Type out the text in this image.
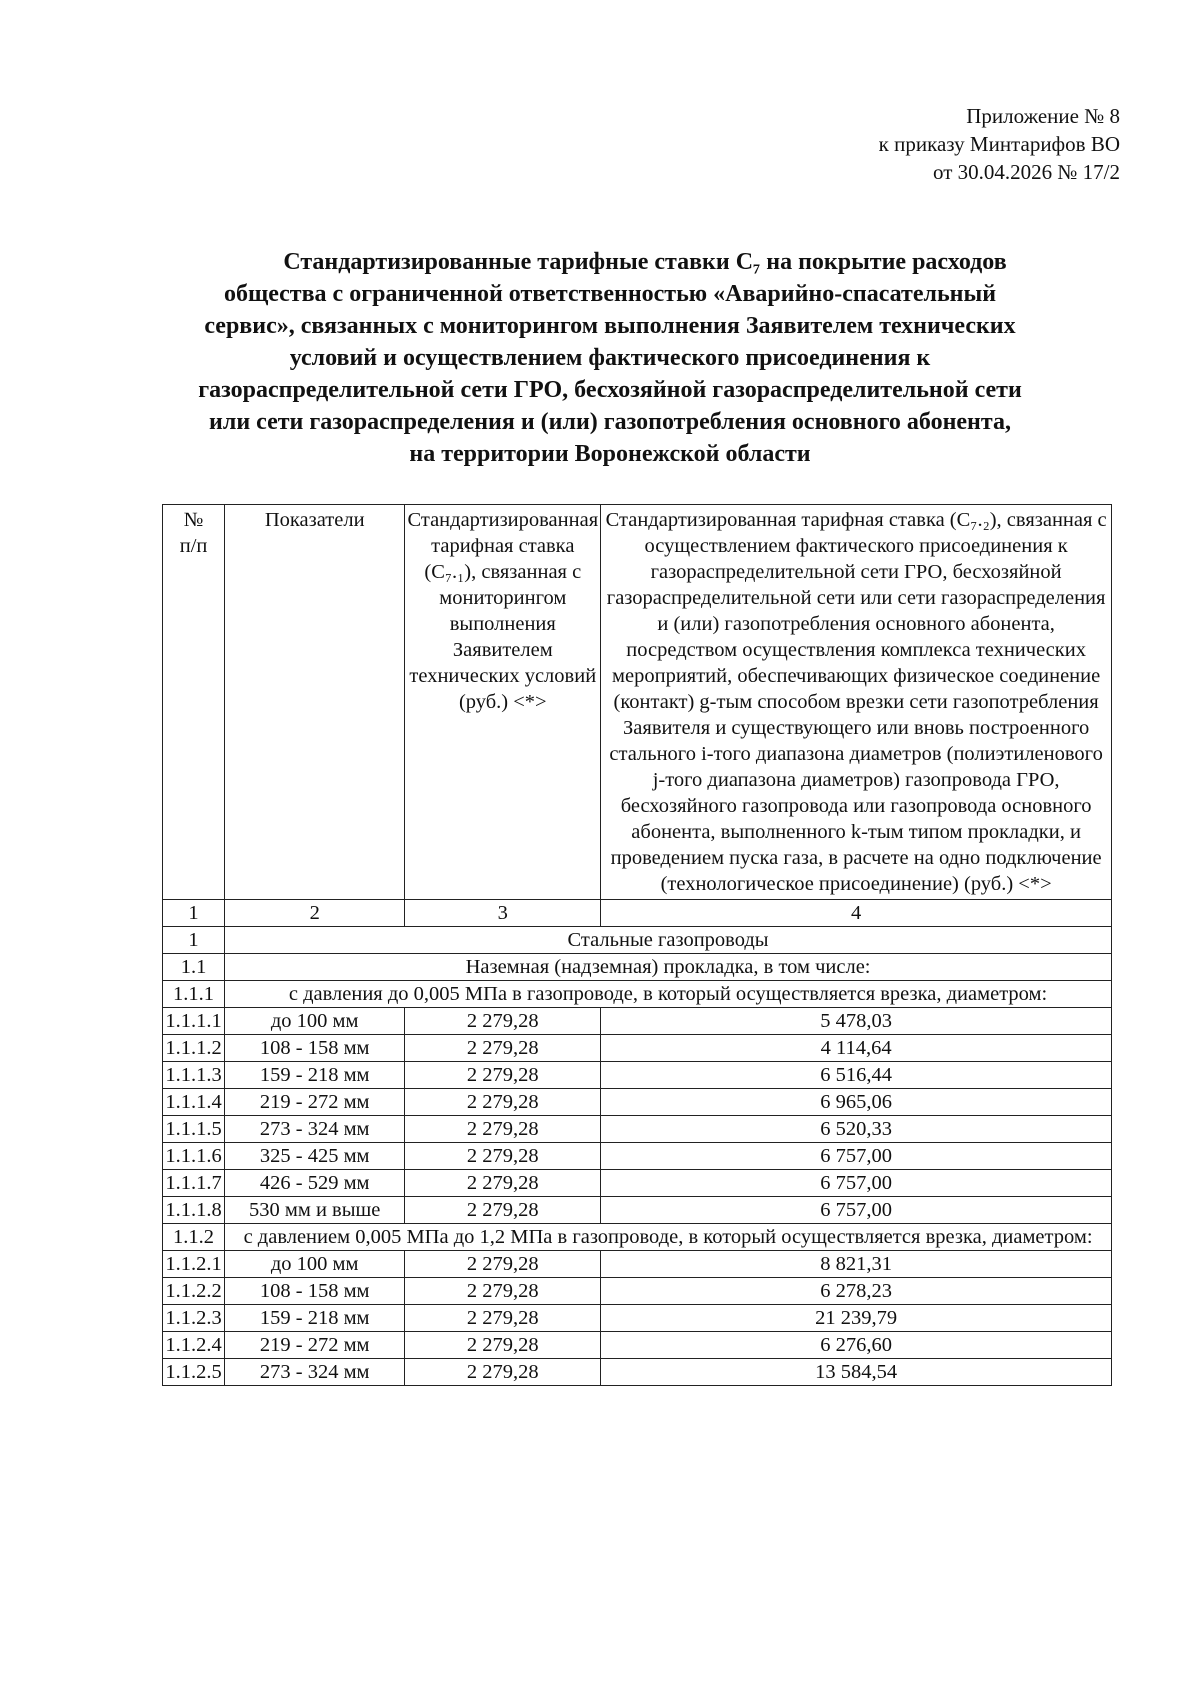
Приложение № 8
к приказу Минтарифов ВО
от 30.04.2026 № 17/2
Стандартизированные тарифные ставки С₇ на покрытие расходов
общества с ограниченной ответственностью «Аварийно-спасательный
сервис», связанных с мониторингом выполнения Заявителем технических
условий и осуществлением фактического присоединения к
газораспределительной сети ГРО, бесхозяйной газораспределительной сети
или сети газораспределения и (или) газопотребления основного абонента,
на территории Воронежской области
№ п/п	Показатели	Стандартизированная тарифная ставка (С₇.₁), связанная с мониторингом выполнения Заявителем технических условий (руб.) <*>	Стандартизированная тарифная ставка (С₇.₂), связанная с осуществлением фактического присоединения к газораспределительной сети ГРО, бесхозяйной газораспределительной сети или сети газораспределения и (или) газопотребления основного абонента, посредством осуществления комплекса технических мероприятий, обеспечивающих физическое соединение (контакт) g-тым способом врезки сети газопотребления Заявителя и существующего или вновь построенного стального i-того диапазона диаметров (полиэтиленового j-того диапазона диаметров) газопровода ГРО, бесхозяйного газопровода или газопровода основного абонента, выполненного k-тым типом прокладки, и проведением пуска газа, в расчете на одно подключение (технологическое присоединение) (руб.) <*>
1	2	3	4
1	Стальные газопроводы		
1.1	Наземная (надземная) прокладка, в том числе:		
1.1.1	с давления до 0,005 МПа в газопроводе, в который осуществляется врезка, диаметром:		
1.1.1.1	до 100 мм	2 279,28	5 478,03
1.1.1.2	108 - 158 мм	2 279,28	4 114,64
1.1.1.3	159 - 218 мм	2 279,28	6 516,44
1.1.1.4	219 - 272 мм	2 279,28	6 965,06
1.1.1.5	273 - 324 мм	2 279,28	6 520,33
1.1.1.6	325 - 425 мм	2 279,28	6 757,00
1.1.1.7	426 - 529 мм	2 279,28	6 757,00
1.1.1.8	530 мм и выше	2 279,28	6 757,00
1.1.2	с давлением 0,005 МПа до 1,2 МПа в газопроводе, в который осуществляется врезка, диаметром:		
1.1.2.1	до 100 мм	2 279,28	8 821,31
1.1.2.2	108 - 158 мм	2 279,28	6 278,23
1.1.2.3	159 - 218 мм	2 279,28	21 239,79
1.1.2.4	219 - 272 мм	2 279,28	6 276,60
1.1.2.5	273 - 324 мм	2 279,28	13 584,54
